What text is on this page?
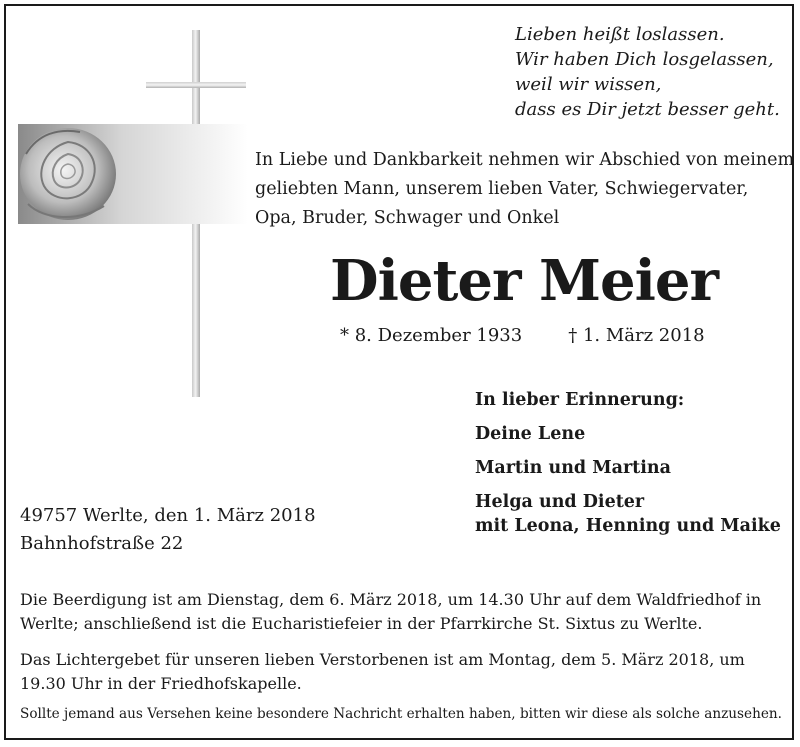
Lieben heißt loslassen.
Wir haben Dich losgelassen,
weil wir wissen,
dass es Dir jetzt besser geht.
In Liebe und Dankbarkeit nehmen wir Abschied von meinem
geliebten Mann, unserem lieben Vater, Schwiegervater,
Opa, Bruder, Schwager und Onkel
Dieter Meier
* 8. Dezember 1933	† 1. März 2018
In lieber Erinnerung:
Deine Lene
Martin und Martina
Helga und Dieter
mit Leona, Henning und Maike
49757 Werlte, den 1. März 2018
Bahnhofstraße 22

Die Beerdigung ist am Dienstag, dem 6. März 2018, um 14.30 Uhr auf dem Waldfriedhof in Werlte; anschließend ist die Eucharistiefeier in der Pfarrkirche St. Sixtus zu Werlte.

Das Lichtergebet für unseren lieben Verstorbenen ist am Montag, dem 5. März 2018, um 19.30 Uhr in der Friedhofskapelle.

Sollte jemand aus Versehen keine besondere Nachricht erhalten haben, bitten wir diese als solche anzusehen.
